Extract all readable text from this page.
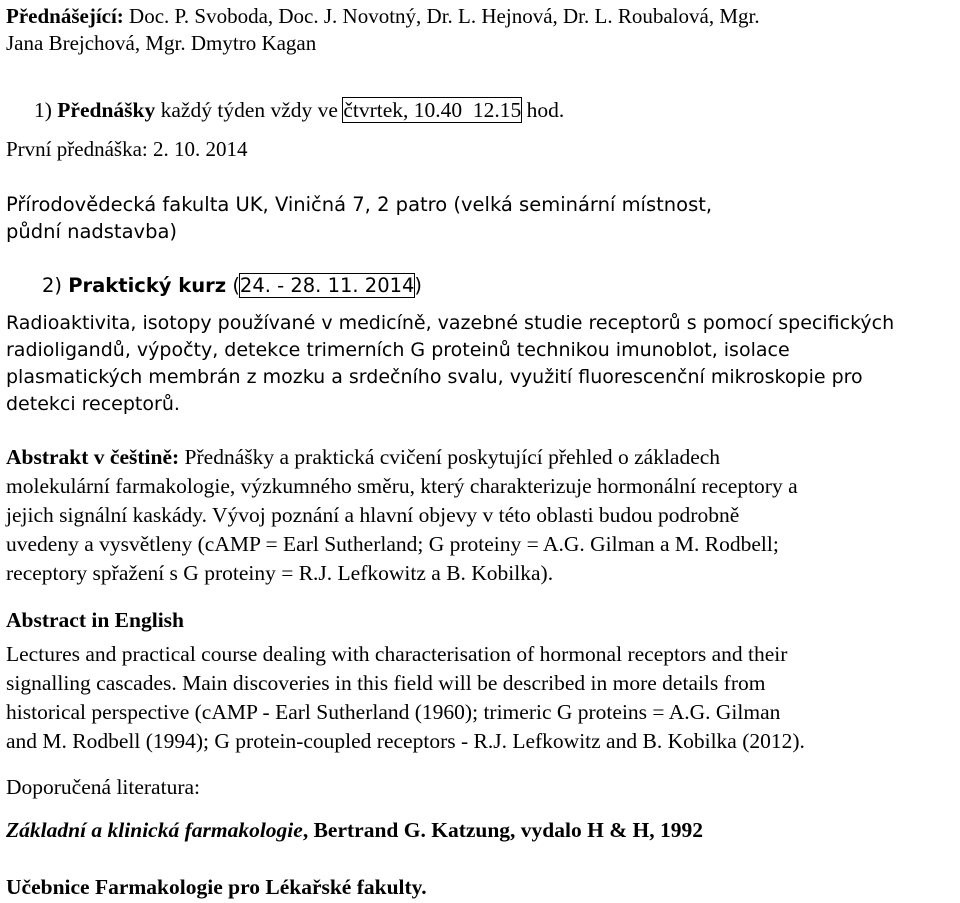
Přednášející: Doc. P. Svoboda, Doc. J. Novotný, Dr. L. Hejnová, Dr. L. Roubalová, Mgr.
Jana Brejchová, Mgr. Dmytro Kagan
1) Přednášky každý týden vždy ve čtvrtek, 10.40  12.15 hod.
První přednáška: 2. 10. 2014
Přírodovědecká fakulta UK, Viničná 7, 2 patro (velká seminární místnost,
půdní nadstavba)
2) Praktický kurz (24. - 28. 11. 2014)
Radioaktivita, isotopy používané v medicíně, vazebné studie receptorů s pomocí specifických
radioligandů, výpočty, detekce trimerních G proteinů technikou imunoblot, isolace
plasmatických membrán z mozku a srdečního svalu, využití fluorescenční mikroskopie pro
detekci receptorů.
Abstrakt v češtině: Přednášky a praktická cvičení poskytující přehled o základech
molekulární farmakologie, výzkumného směru, který charakterizuje hormonální receptory a
jejich signální kaskády. Vývoj poznání a hlavní objevy v této oblasti budou podrobně
uvedeny a vysvětleny (cAMP = Earl Sutherland; G proteiny = A.G. Gilman a M. Rodbell;
receptory spřažení s G proteiny = R.J. Lefkowitz a B. Kobilka).
Abstract in English
Lectures and practical course dealing with characterisation of hormonal receptors and their
signalling cascades. Main discoveries in this field will be described in more details from
historical perspective (cAMP - Earl Sutherland (1960); trimeric G proteins = A.G. Gilman
and M. Rodbell (1994); G protein-coupled receptors - R.J. Lefkowitz and B. Kobilka (2012).
Doporučená literatura:
Základní a klinická farmakologie, Bertrand G. Katzung, vydalo H & H, 1992
Učebnice Farmakologie pro Lékařské fakulty.
